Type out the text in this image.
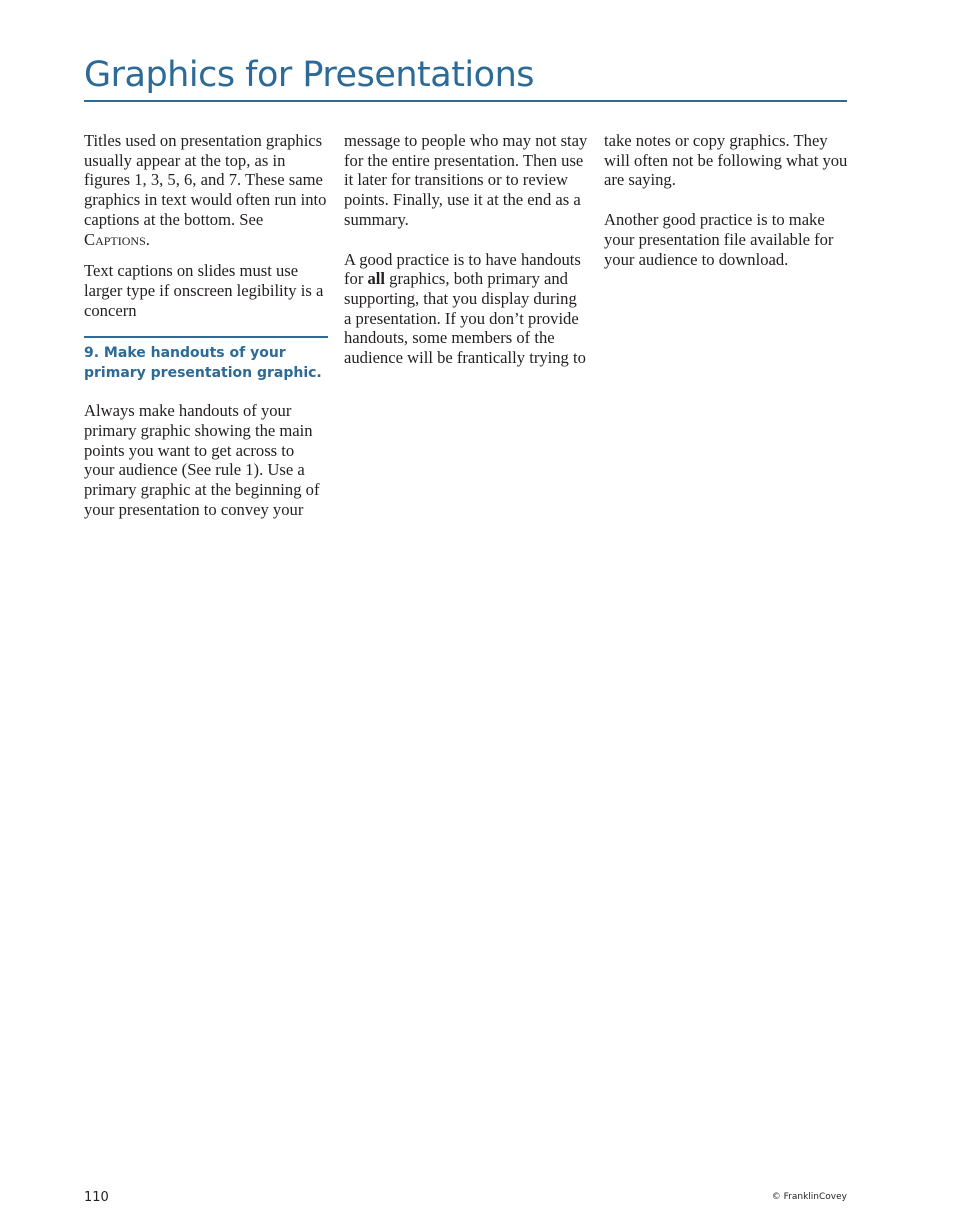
Graphics for Presentations

Titles used on presentation graphics usually appear at the top, as in figures 1, 3, 5, 6, and 7. These same graphics in text would often run into captions at the bottom. See Captions.

Text captions on slides must use larger type if onscreen legibility is a concern

9. Make handouts of your primary presentation graphic.

Always make handouts of your primary graphic showing the main points you want to get across to your audience (See rule 1). Use a primary graphic at the beginning of your presentation to convey your

message to people who may not stay for the entire presentation. Then use it later for transitions or to review points. Finally, use it at the end as a summary.

A good practice is to have handouts for all graphics, both primary and supporting, that you display during a presentation. If you don’t provide handouts, some members of the audience will be frantically trying to

take notes or copy graphics. They will often not be following what you are saying.

Another good practice is to make your presentation file available for your audience to download.

110	© FranklinCovey
